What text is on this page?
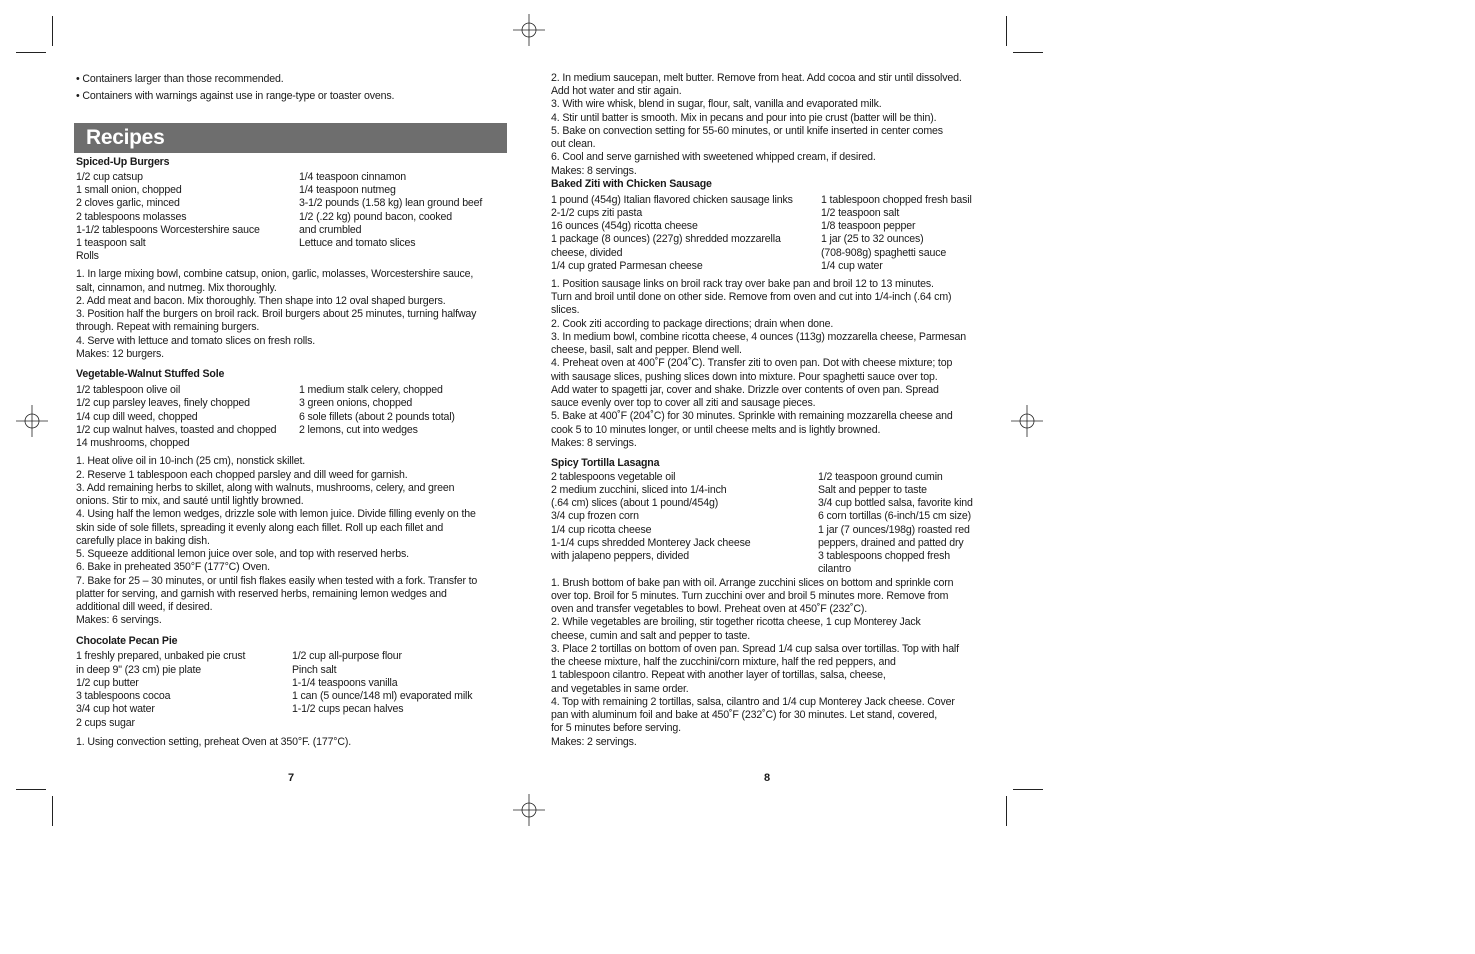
• Containers larger than those recommended.
• Containers with warnings against use in range-type or toaster ovens.
Spiced-Up Burgers
1/2 cup catsup
1 small onion, chopped
2 cloves garlic, minced
2 tablespoons molasses
1-1/2 tablespoons Worcestershire sauce
1 teaspoon salt
Rolls
1/4 teaspoon cinnamon
1/4 teaspoon nutmeg
3-1/2 pounds (1.58 kg) lean ground beef
1/2 (.22 kg) pound bacon, cooked
and crumbled
Lettuce and tomato slices
1. In large mixing bowl, combine catsup, onion, garlic, molasses, Worcestershire sauce,
salt, cinnamon, and nutmeg. Mix thoroughly.
2. Add meat and bacon. Mix thoroughly. Then shape into 12 oval shaped burgers.
3. Position half the burgers on broil rack. Broil burgers about 25 minutes, turning halfway
through. Repeat with remaining burgers.
4. Serve with lettuce and tomato slices on fresh rolls.
Makes: 12 burgers.
Vegetable-Walnut Stuffed Sole
1/2 tablespoon olive oil
1/2 cup parsley leaves, finely chopped
1/4 cup dill weed, chopped
1/2 cup walnut halves, toasted and chopped
14 mushrooms, chopped
1 medium stalk celery, chopped
3 green onions, chopped
6 sole fillets (about 2 pounds total)
2 lemons, cut into wedges
1. Heat olive oil in 10-inch (25 cm), nonstick skillet.
2. Reserve 1 tablespoon each chopped parsley and dill weed for garnish.
3. Add remaining herbs to skillet, along with walnuts, mushrooms, celery, and green
onions. Stir to mix, and sauté until lightly browned.
4. Using half the lemon wedges, drizzle sole with lemon juice. Divide filling evenly on the
skin side of sole fillets, spreading it evenly along each fillet. Roll up each fillet and
carefully place in baking dish.
5. Squeeze additional lemon juice over sole, and top with reserved herbs.
6. Bake in preheated 350°F (177°C) Oven.
7. Bake for 25 – 30 minutes, or until fish flakes easily when tested with a fork. Transfer to
platter for serving, and garnish with reserved herbs, remaining lemon wedges and
additional dill weed, if desired.
Makes: 6 servings.
Chocolate Pecan Pie
1 freshly prepared, unbaked pie crust
in deep 9" (23 cm) pie plate
1/2 cup butter
3 tablespoons cocoa
3/4 cup hot water
2 cups sugar
1/2 cup all-purpose flour
Pinch salt
1-1/4 teaspoons vanilla
1 can (5 ounce/148 ml) evaporated milk
1-1/2 cups pecan halves
1. Using convection setting, preheat Oven at 350°F. (177°C).
Recipes
7
2. In medium saucepan, melt butter. Remove from heat. Add cocoa and stir until dissolved.
Add hot water and stir again.
3. With wire whisk, blend in sugar, flour, salt, vanilla and evaporated milk.
4. Stir until batter is smooth. Mix in pecans and pour into pie crust (batter will be thin).
5. Bake on convection setting for 55-60 minutes, or until knife inserted in center comes
out clean.
6. Cool and serve garnished with sweetened whipped cream, if desired.
Makes: 8 servings.
Baked Ziti with Chicken Sausage
1 pound (454g) Italian flavored chicken sausage links
2-1/2 cups ziti pasta
16 ounces (454g) ricotta cheese
1 package (8 ounces) (227g) shredded mozzarella
cheese, divided
1/4 cup grated Parmesan cheese
1 tablespoon chopped fresh basil
1/2 teaspoon salt
1/8 teaspoon pepper
1 jar (25 to 32 ounces)
(708-908g) spaghetti sauce
1/4 cup water
1. Position sausage links on broil rack tray over bake pan and broil 12 to 13 minutes.
Turn and broil until done on other side. Remove from oven and cut into 1/4-inch (.64 cm)
slices.
2. Cook ziti according to package directions; drain when done.
3. In medium bowl, combine ricotta cheese, 4 ounces (113g) mozzarella cheese, Parmesan
cheese, basil, salt and pepper. Blend well.
4. Preheat oven at 400˚F (204˚C). Transfer ziti to oven pan. Dot with cheese mixture; top
with sausage slices, pushing slices down into mixture. Pour spaghetti sauce over top.
Add water to spagetti jar, cover and shake. Drizzle over contents of oven pan. Spread
sauce evenly over top to cover all ziti and sausage pieces.
5. Bake at 400˚F (204˚C) for 30 minutes. Sprinkle with remaining mozzarella cheese and
cook 5 to 10 minutes longer, or until cheese melts and is lightly browned.
Makes: 8 servings.
Spicy Tortilla Lasagna
2 tablespoons vegetable oil
2 medium zucchini, sliced into 1/4-inch
(.64 cm) slices (about 1 pound/454g)
3/4 cup frozen corn
1/4 cup ricotta cheese
1-1/4 cups shredded Monterey Jack cheese
with jalapeno peppers, divided
1/2 teaspoon ground cumin
Salt and pepper to taste
3/4 cup bottled salsa, favorite kind
6 corn tortillas (6-inch/15 cm size)
1 jar (7 ounces/198g) roasted red
peppers, drained and patted dry
3 tablespoons chopped fresh
cilantro
1. Brush bottom of bake pan with oil. Arrange zucchini slices on bottom and sprinkle corn
over top. Broil for 5 minutes. Turn zucchini over and broil 5 minutes more. Remove from
oven and transfer vegetables to bowl. Preheat oven at 450˚F (232˚C).
2. While vegetables are broiling, stir together ricotta cheese, 1 cup Monterey Jack
cheese, cumin and salt and pepper to taste.
3. Place 2 tortillas on bottom of oven pan. Spread 1/4 cup salsa over tortillas. Top with half
the cheese mixture, half the zucchini/corn mixture, half the red peppers, and
1 tablespoon cilantro. Repeat with another layer of tortillas, salsa, cheese,
and vegetables in same order.
4. Top with remaining 2 tortillas, salsa, cilantro and 1/4 cup Monterey Jack cheese. Cover
pan with aluminum foil and bake at 450˚F (232˚C) for 30 minutes. Let stand, covered,
for 5 minutes before serving.
Makes: 2 servings.
8
